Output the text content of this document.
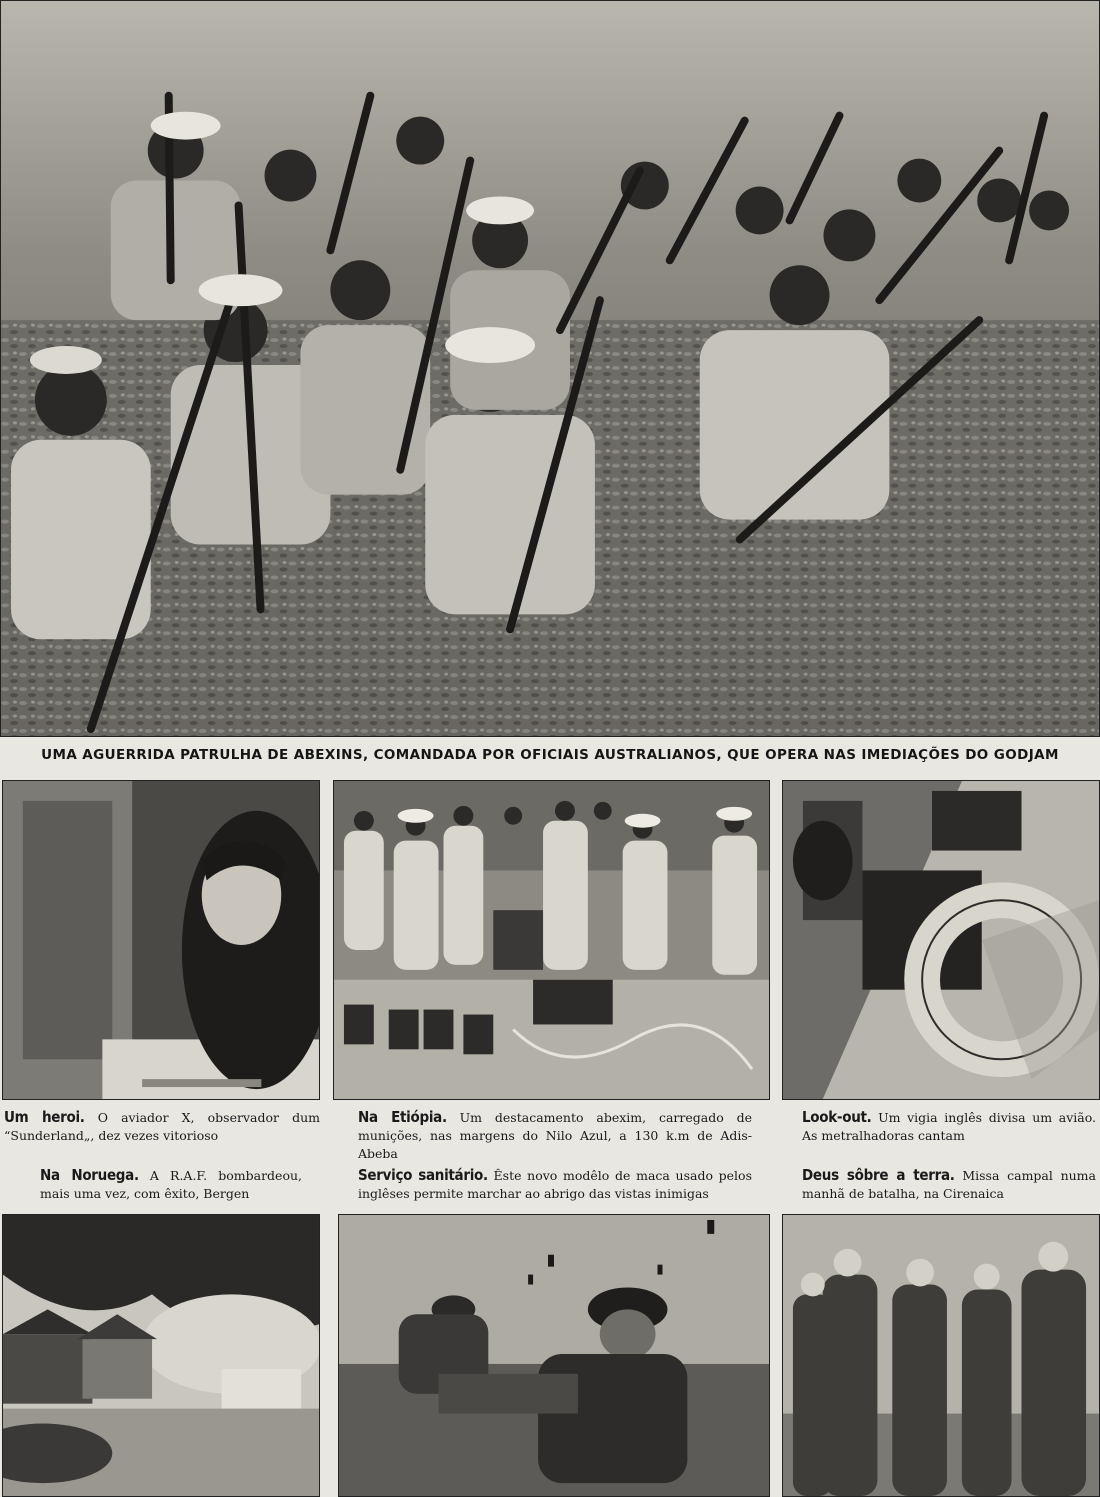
UMA AGUERRIDA PATRULHA DE ABEXINS, COMANDADA POR OFICIAIS AUSTRALIANOS, QUE OPERA NAS IMEDIAÇÕES DO GODJAM
Um heroi. O aviador X, observador dum “Sunderland„, dez vezes vitorioso
Na Etiópia. Um destacamento abexim, carregado de munições, nas margens do Nilo Azul, a 130 k.m de Adis-Abeba
Look-out. Um vigia inglês divisa um avião. As metralhadoras cantam
Na Noruega. A R.A.F. bombardeou, mais uma vez, com êxito, Bergen
Serviço sanitário. Êste novo modêlo de maca usado pelos inglêses permite marchar ao abrigo das vistas inimigas
Deus sôbre a terra. Missa campal numa manhã de batalha, na Cirenaica
